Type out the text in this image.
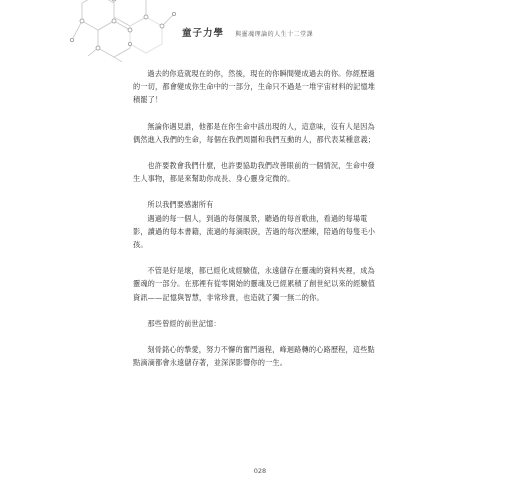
童子力學 與靈魂理論的人生十二堂課
過去的你造就現在的你，然後，現在的你瞬間變成過去的你。你經歷過
的一切，都會變成你生命中的一部分，生命只不過是一堆宇宙材料的記憶堆
積罷了！
無論你遇見誰，他都是在你生命中該出現的人，這意味，沒有人是因為
偶然進入我們的生命，每個在我們周圍和我們互動的人，都代表某種意義；
也許要教會我們什麼，也許要協助我們改善眼前的一個情況，生命中發
生人事物，都是來幫助你成長、身心靈身定微的。
所以我們要感謝所有
遇過的每一個人，到過的每個風景，聽過的每首歌曲，看過的每場電
影，讀過的每本書籍，流過的每滴眼淚，苦過的每次歷練，陪過的每隻毛小
孩。
不管是好是壞，都已經化成經驗值，永遠儲存在靈魂的資料夾裡，成為
靈魂的一部分。在那裡有從零開始的靈魂及已經累積了創世紀以來的經驗值
資訊——記憶與智慧，非常珍貴，也造就了獨一無二的你。
那些曾經的前世記憶：
刻骨銘心的摯愛，努力不懈的奮鬥過程，峰迴路轉的心路歷程，這些點
點滴滴都會永遠儲存著，並深深影響你的一生。
028
